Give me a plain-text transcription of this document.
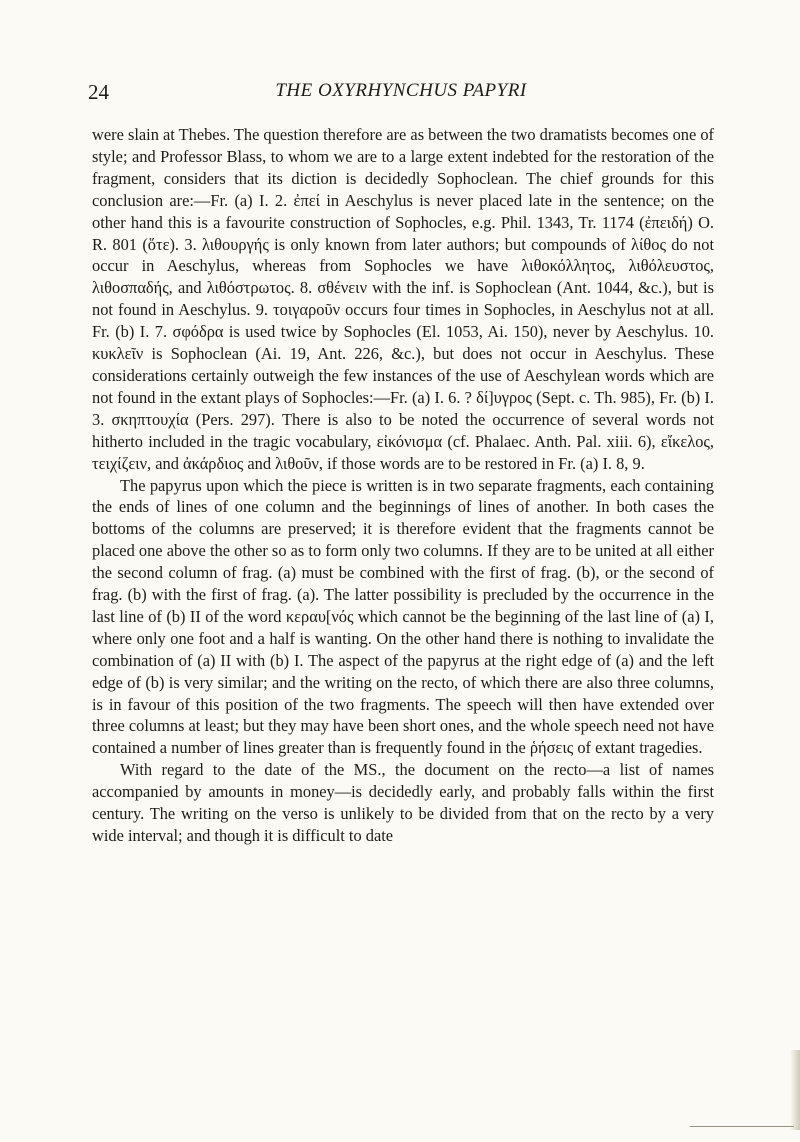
24	THE OXYRHYNCHUS PAPYRI

were slain at Thebes. The question therefore are as between the two dramatists becomes one of style; and Professor Blass, to whom we are to a large extent indebted for the restoration of the fragment, considers that its diction is decidedly Sophoclean. The chief grounds for this conclusion are:—Fr. (a) I. 2. ἐπεί in Aeschylus is never placed late in the sentence; on the other hand this is a favourite construction of Sophocles, e.g. Phil. 1343, Tr. 1174 (ἐπειδή) O. R. 801 (ὅτε). 3. λιθουργής is only known from later authors; but compounds of λίθος do not occur in Aeschylus, whereas from Sophocles we have λιθοκόλλητος, λιθόλευστος, λιθοσπαδής, and λιθόστρωτος. 8. σθένειν with the inf. is Sophoclean (Ant. 1044, &c.), but is not found in Aeschylus. 9. τοιγαροῦν occurs four times in Sophocles, in Aeschylus not at all. Fr. (b) I. 7. σφόδρα is used twice by Sophocles (El. 1053, Ai. 150), never by Aeschylus. 10. κυκλεῖν is Sophoclean (Ai. 19, Ant. 226, &c.), but does not occur in Aeschylus. These considerations certainly outweigh the few instances of the use of Aeschylean words which are not found in the extant plays of Sophocles:—Fr. (a) I. 6. ? δί]υγρος (Sept. c. Th. 985), Fr. (b) I. 3. σκηπτουχία (Pers. 297). There is also to be noted the occurrence of several words not hitherto included in the tragic vocabulary, εἰκόνισμα (cf. Phalaec. Anth. Pal. xiii. 6), εἴκελος, τειχίζειν, and ἀκάρδιος and λιθοῦν, if those words are to be restored in Fr. (a) I. 8, 9.

The papyrus upon which the piece is written is in two separate fragments, each containing the ends of lines of one column and the beginnings of lines of another. In both cases the bottoms of the columns are preserved; it is therefore evident that the fragments cannot be placed one above the other so as to form only two columns. If they are to be united at all either the second column of frag. (a) must be combined with the first of frag. (b), or the second of frag. (b) with the first of frag. (a). The latter possibility is precluded by the occurrence in the last line of (b) II of the word κεραυ[νός which cannot be the beginning of the last line of (a) I, where only one foot and a half is wanting. On the other hand there is nothing to invalidate the combination of (a) II with (b) I. The aspect of the papyrus at the right edge of (a) and the left edge of (b) is very similar; and the writing on the recto, of which there are also three columns, is in favour of this position of the two fragments. The speech will then have extended over three columns at least; but they may have been short ones, and the whole speech need not have contained a number of lines greater than is frequently found in the ῥήσεις of extant tragedies.

With regard to the date of the MS., the document on the recto—a list of names accompanied by amounts in money—is decidedly early, and probably falls within the first century. The writing on the verso is unlikely to be divided from that on the recto by a very wide interval; and though it is difficult to date
